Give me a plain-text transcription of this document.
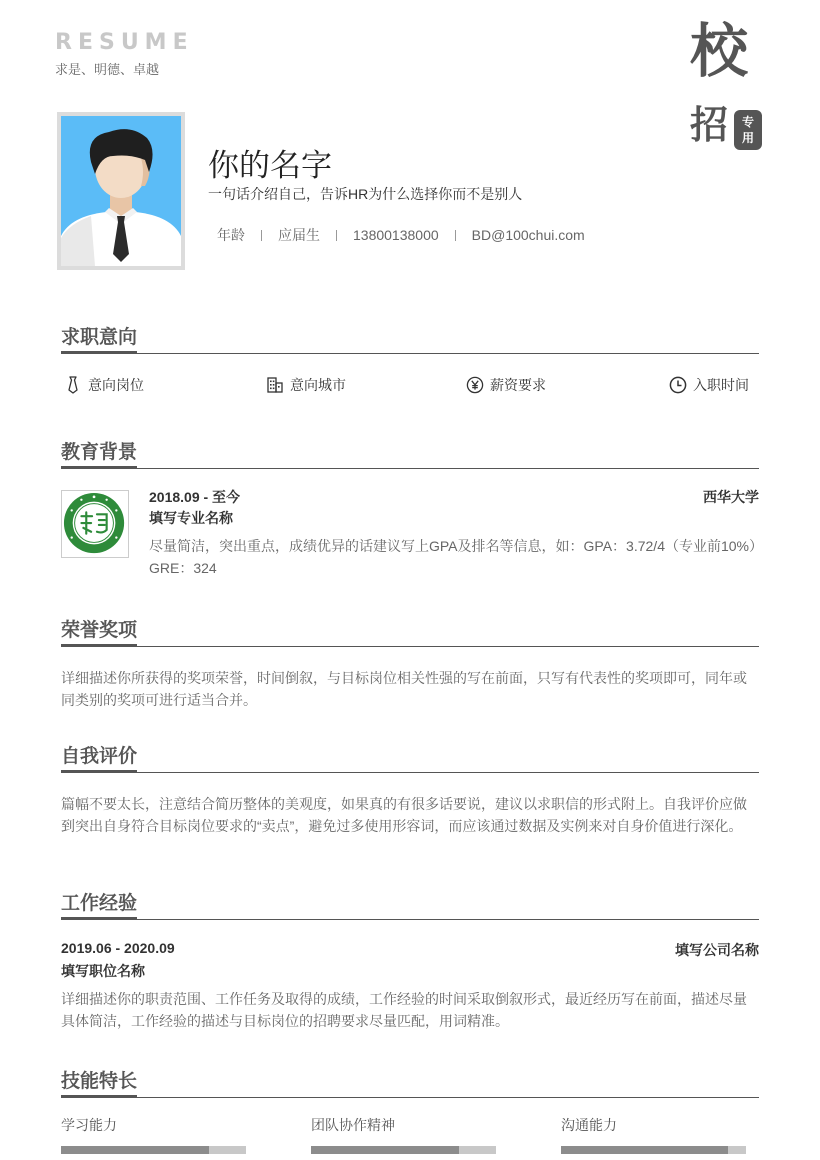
RESUME
求是、明德、卓越	校
招	专
用
你的名字
一句话介绍自己，告诉HR为什么选择你而不是别人
年龄	应届生	13800138000	BD@100chui.com
求职意向
意向岗位	意向城市	薪资要求	入职时间
教育背景
2018.09 - 至今	西华大学
填写专业名称
尽量简洁，突出重点，成绩优异的话建议写上GPA及排名等信息，如：GPA：3.72/4（专业前10%）GRE：324
荣誉奖项
详细描述你所获得的奖项荣誉，时间倒叙，与目标岗位相关性强的写在前面，只写有代表性的奖项即可，同年或同类别的奖项可进行适当合并。
自我评价
篇幅不要太长，注意结合简历整体的美观度，如果真的有很多话要说，建议以求职信的形式附上。自我评价应做到突出自身符合目标岗位要求的“卖点”，避免过多使用形容词，而应该通过数据及实例来对自身价值进行深化。
工作经验
2019.06 - 2020.09	填写公司名称
填写职位名称
详细描述你的职责范围、工作任务及取得的成绩，工作经验的时间采取倒叙形式，最近经历写在前面，描述尽量具体简洁，工作经验的描述与目标岗位的招聘要求尽量匹配，用词精准。
技能特长
学习能力	团队协作精神	沟通能力
